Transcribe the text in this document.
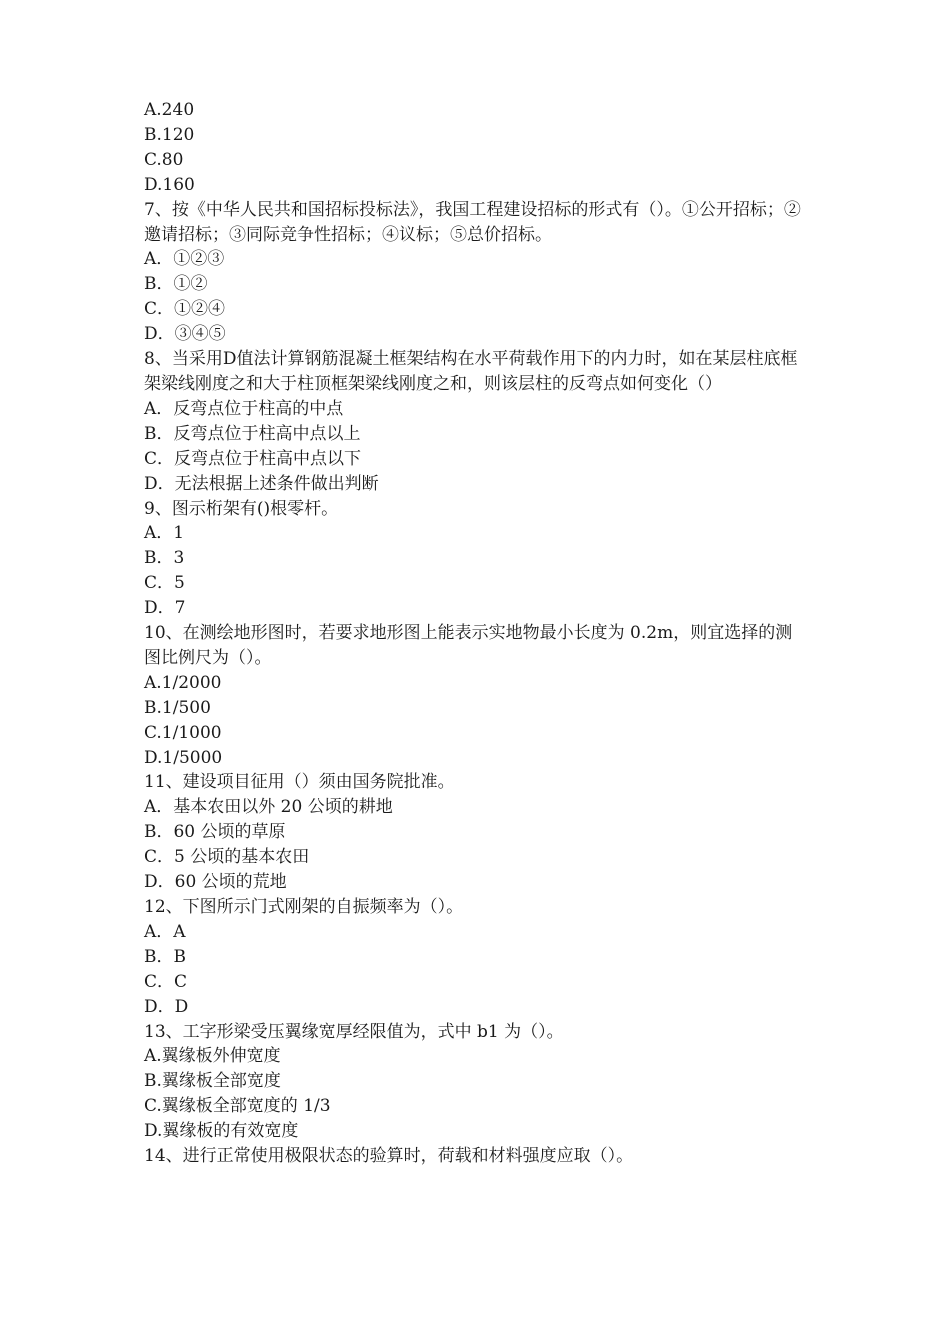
A.240

B.120

C.80

D.160

7、按《中华人民共和国招标投标法》，我国工程建设招标的形式有（）。①公开招标；②邀请招标；③同际竞争性招标；④议标；⑤总价招标。

A．①②③

B．①②

C．①②④

D．③④⑤

8、当采用D值法计算钢筋混凝土框架结构在水平荷载作用下的内力时，如在某层柱底框架梁线刚度之和大于柱顶框架梁线刚度之和，则该层柱的反弯点如何变化（）

A．反弯点位于柱高的中点

B．反弯点位于柱高中点以上

C．反弯点位于柱高中点以下

D．无法根据上述条件做出判断

9、图示桁架有()根零杆。

A．1

B．3

C．5

D．7

10、在测绘地形图时，若要求地形图上能表示实地物最小长度为 0.2m，则宜选择的测图比例尺为（）。

A.1/2000

B.1/500

C.1/1000

D.1/5000

11、建设项目征用（）须由国务院批准。

A．基本农田以外 20 公顷的耕地

B．60 公顷的草原

C．5 公顷的基本农田

D．60 公顷的荒地

12、下图所示门式刚架的自振频率为（）。

A．A

B．B

C．C

D．D

13、工字形梁受压翼缘宽厚经限值为，式中 b1 为（）。

A.翼缘板外伸宽度

B.翼缘板全部宽度

C.翼缘板全部宽度的 1/3

D.翼缘板的有效宽度

14、进行正常使用极限状态的验算时，荷载和材料强度应取（）。
